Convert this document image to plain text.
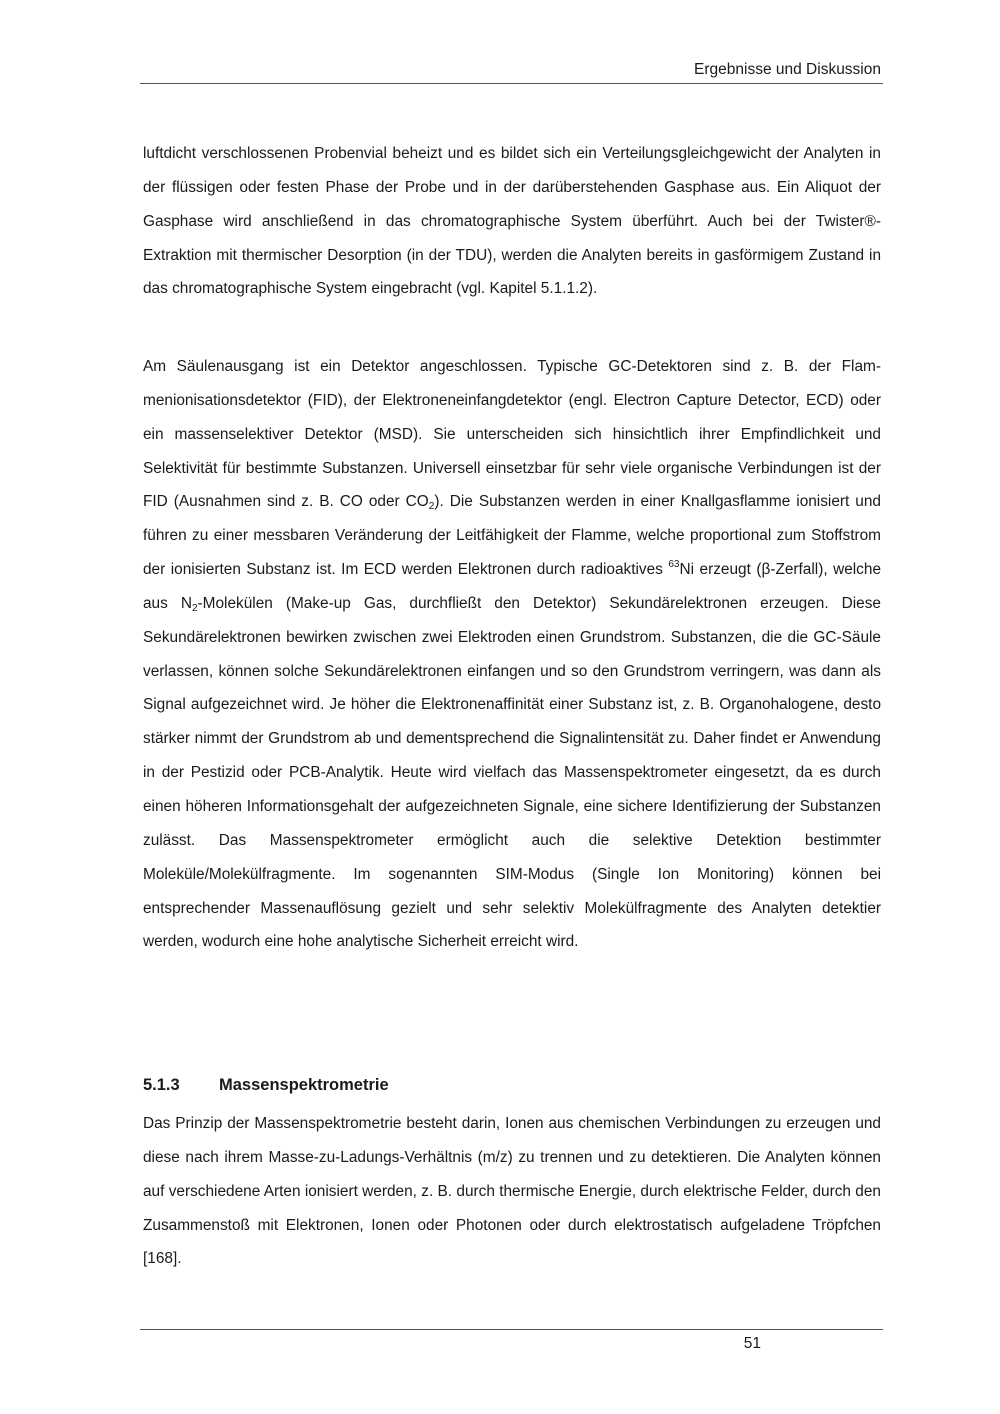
Ergebnisse und Diskussion

luftdicht verschlossenen Probenvial beheizt und es bildet sich ein Verteilungsgleichgewicht der Analyten in der flüssigen oder festen Phase der Probe und in der darüberstehenden Gasphase aus. Ein Aliquot der Gasphase wird anschließend in das chromatographische System überführt. Auch bei der Twister®-Extraktion mit thermischer Desorption (in der TDU), werden die Analyten bereits in gasförmigem Zustand in das chromatographische System eingebracht (vgl. Kapitel 5.1.1.2).

Am Säulenausgang ist ein Detektor angeschlossen. Typische GC-Detektoren sind z. B. der Flammenionisationsdetektor (FID), der Elektroneneinfangdetektor (engl. Electron Capture Detector, ECD) oder ein massenselektiver Detektor (MSD). Sie unterscheiden sich hinsichtlich ihrer Empfindlichkeit und Selektivität für bestimmte Substanzen. Universell einsetzbar für sehr viele organische Verbindungen ist der FID (Ausnahmen sind z. B. CO oder $CO_2$). Die Substanzen werden in einer Knallgasflamme ionisiert und führen zu einer messbaren Veränderung der Leitfähigkeit der Flamme, welche proportional zum Stoffstrom der ionisierten Substanz ist. Im ECD werden Elektronen durch radioaktives $^{63}$Ni erzeugt (β-Zerfall), welche aus $N_2$-Molekülen (Make-up Gas, durchfließt den Detektor) Sekundärelektronen erzeugen. Diese Sekundärelektronen bewirken zwischen zwei Elektroden einen Grundstrom. Substanzen, die die GC-Säule verlassen, können solche Sekundärelektronen einfangen und so den Grundstrom verringern, was dann als Signal aufgezeichnet wird. Je höher die Elektronenaffinität einer Substanz ist, z. B. Organohalogene, desto stärker nimmt der Grundstrom ab und dementsprechend die Signalintensität zu. Daher findet er Anwendung in der Pestizid oder PCB-Analytik. Heute wird vielfach das Massenspektrometer eingesetzt, da es durch einen höheren Informationsgehalt der aufgezeichneten Signale, eine sichere Identifizierung der Substanzen zulässt. Das Massenspektrometer ermöglicht auch die selektive Detektion bestimmter Moleküle/Molekülfragmente. Im sogenannten SIM-Modus (Single Ion Monitoring) können bei entsprechender Massenauflösung gezielt und sehr selektiv Molekülfragmente des Analyten detektier werden, wodurch eine hohe analytische Sicherheit erreicht wird.

5.1.3 Massenspektrometrie

Das Prinzip der Massenspektrometrie besteht darin, Ionen aus chemischen Verbindungen zu erzeugen und diese nach ihrem Masse-zu-Ladungs-Verhältnis (m/z) zu trennen und zu detektieren. Die Analyten können auf verschiedene Arten ionisiert werden, z. B. durch thermische Energie, durch elektrische Felder, durch den Zusammenstoß mit Elektronen, Ionen oder Photonen oder durch elektrostatisch aufgeladene Tröpfchen [168].

51
